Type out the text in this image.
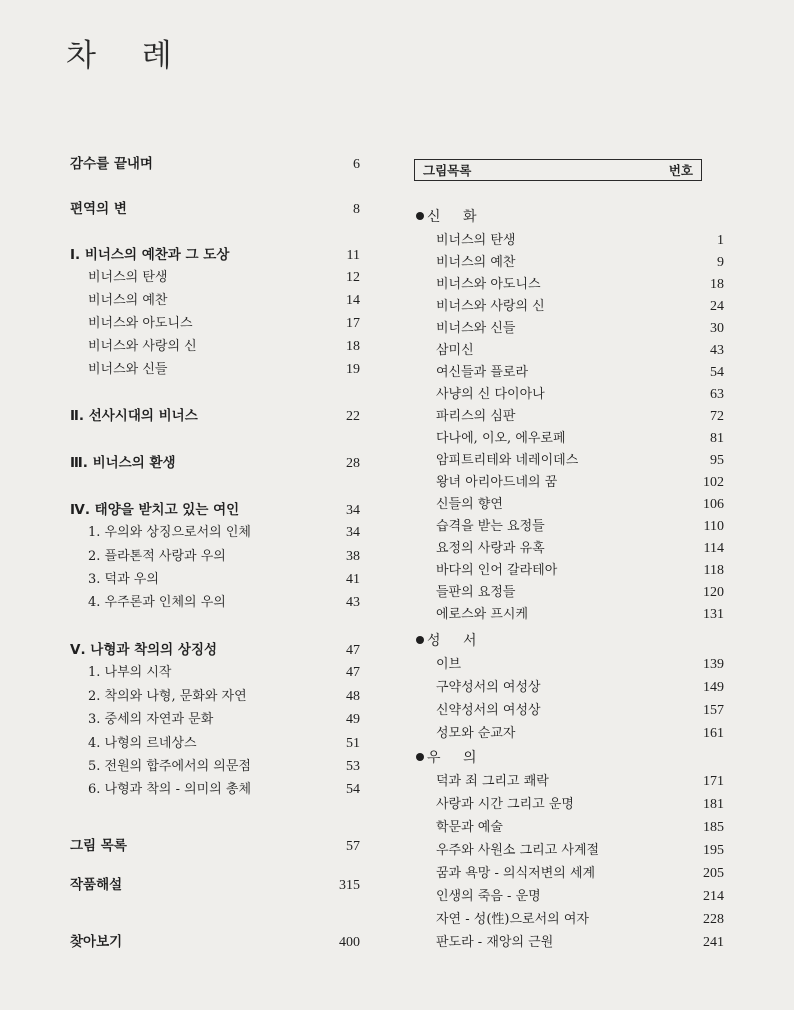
차 례
감수를 끝내며	6
편역의 변	8
Ⅰ. 비너스의 예찬과 그 도상	11
비너스의 탄생	12
비너스의 예찬	14
비너스와 아도니스	17
비너스와 사랑의 신	18
비너스와 신들	19
Ⅱ. 선사시대의 비너스	22
Ⅲ. 비너스의 환생	28
Ⅳ. 태양을 받치고 있는 여인	34
1. 우의와 상징으로서의 인체	34
2. 플라톤적 사랑과 우의	38
3. 덕과 우의	41
4. 우주론과 인체의 우의	43
Ⅴ. 나형과 착의의 상징성	47
1. 나부의 시작	47
2. 착의와 나형, 문화와 자연	48
3. 중세의 자연과 문화	49
4. 나형의 르네상스	51
5. 전원의 합주에서의 의문점	53
6. 나형과 착의 - 의미의 총체	54
그림 목록	57
작품해설	315
찾아보기	400
그림목록	번호
신 화
비너스의 탄생	1
비너스의 예찬	9
비너스와 아도니스	18
비너스와 사랑의 신	24
비너스와 신들	30
삼미신	43
여신들과 플로라	54
사냥의 신 다이아나	63
파리스의 심판	72
다나에, 이오, 에우로페	81
암피트리테와 네레이데스	95
왕녀 아리아드네의 꿈	102
신들의 향연	106
습격을 받는 요정들	110
요정의 사랑과 유혹	114
바다의 인어 갈라테아	118
들판의 요정들	120
에로스와 프시케	131
성 서
이브	139
구약성서의 여성상	149
신약성서의 여성상	157
성모와 순교자	161
우 의
덕과 죄 그리고 쾌락	171
사랑과 시간 그리고 운명	181
학문과 예술	185
우주와 사원소 그리고 사계절	195
꿈과 욕망 - 의식저변의 세계	205
인생의 죽음 - 운명	214
자연 - 성(性)으로서의 여자	228
판도라 - 재앙의 근원	241
